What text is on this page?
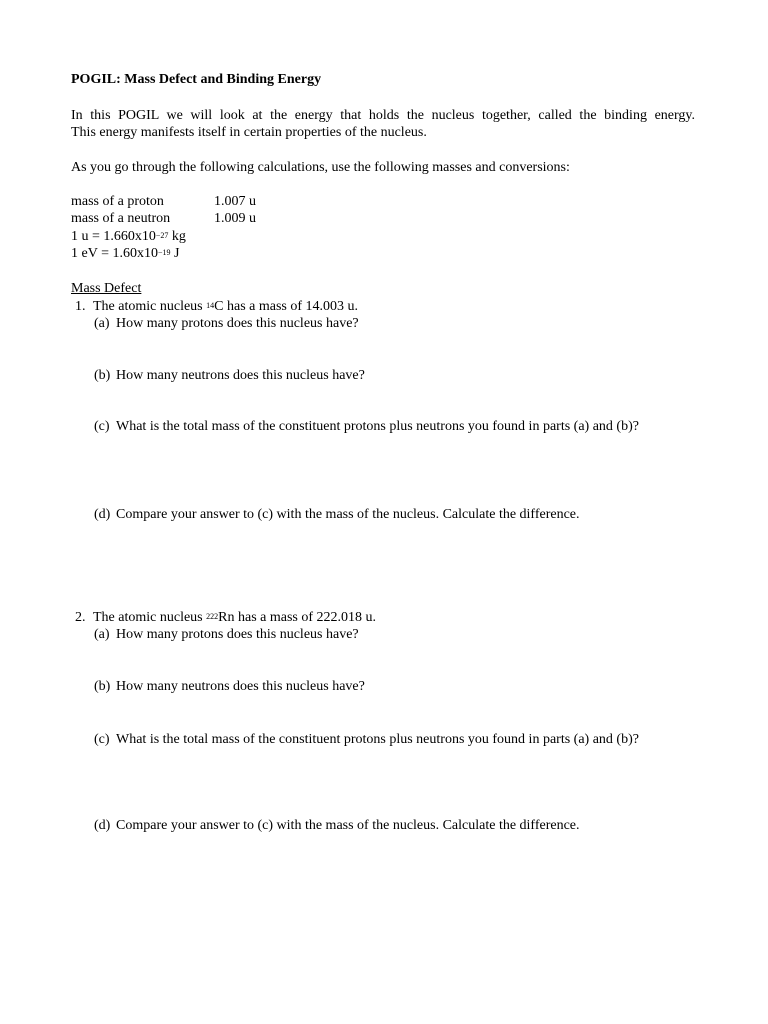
POGIL: Mass Defect and Binding Energy
In this POGIL we will look at the energy that holds the nucleus together, called the binding energy.
This energy manifests itself in certain properties of the nucleus.
As you go through the following calculations, use the following masses and conversions:
mass of a proton	1.007 u
mass of a neutron	1.009 u
1 $u = 1.660x10^{-27}$ kg
1 eV = $1.60x10^{-19}$ J
Mass Defect
1. The atomic nucleus $^{14}$C has a mass of 14.003 u.
(a) How many protons does this nucleus have?
(b) How many neutrons does this nucleus have?
(c) What is the total mass of the constituent protons plus neutrons you found in parts (a) and (b)?
(d) Compare your answer to (c) with the mass of the nucleus. Calculate the difference.
2. The atomic nucleus $^{222}$Rn has a mass of 222.018 u.
(a) How many protons does this nucleus have?
(b) How many neutrons does this nucleus have?
(c) What is the total mass of the constituent protons plus neutrons you found in parts (a) and (b)?
(d) Compare your answer to (c) with the mass of the nucleus. Calculate the difference.
